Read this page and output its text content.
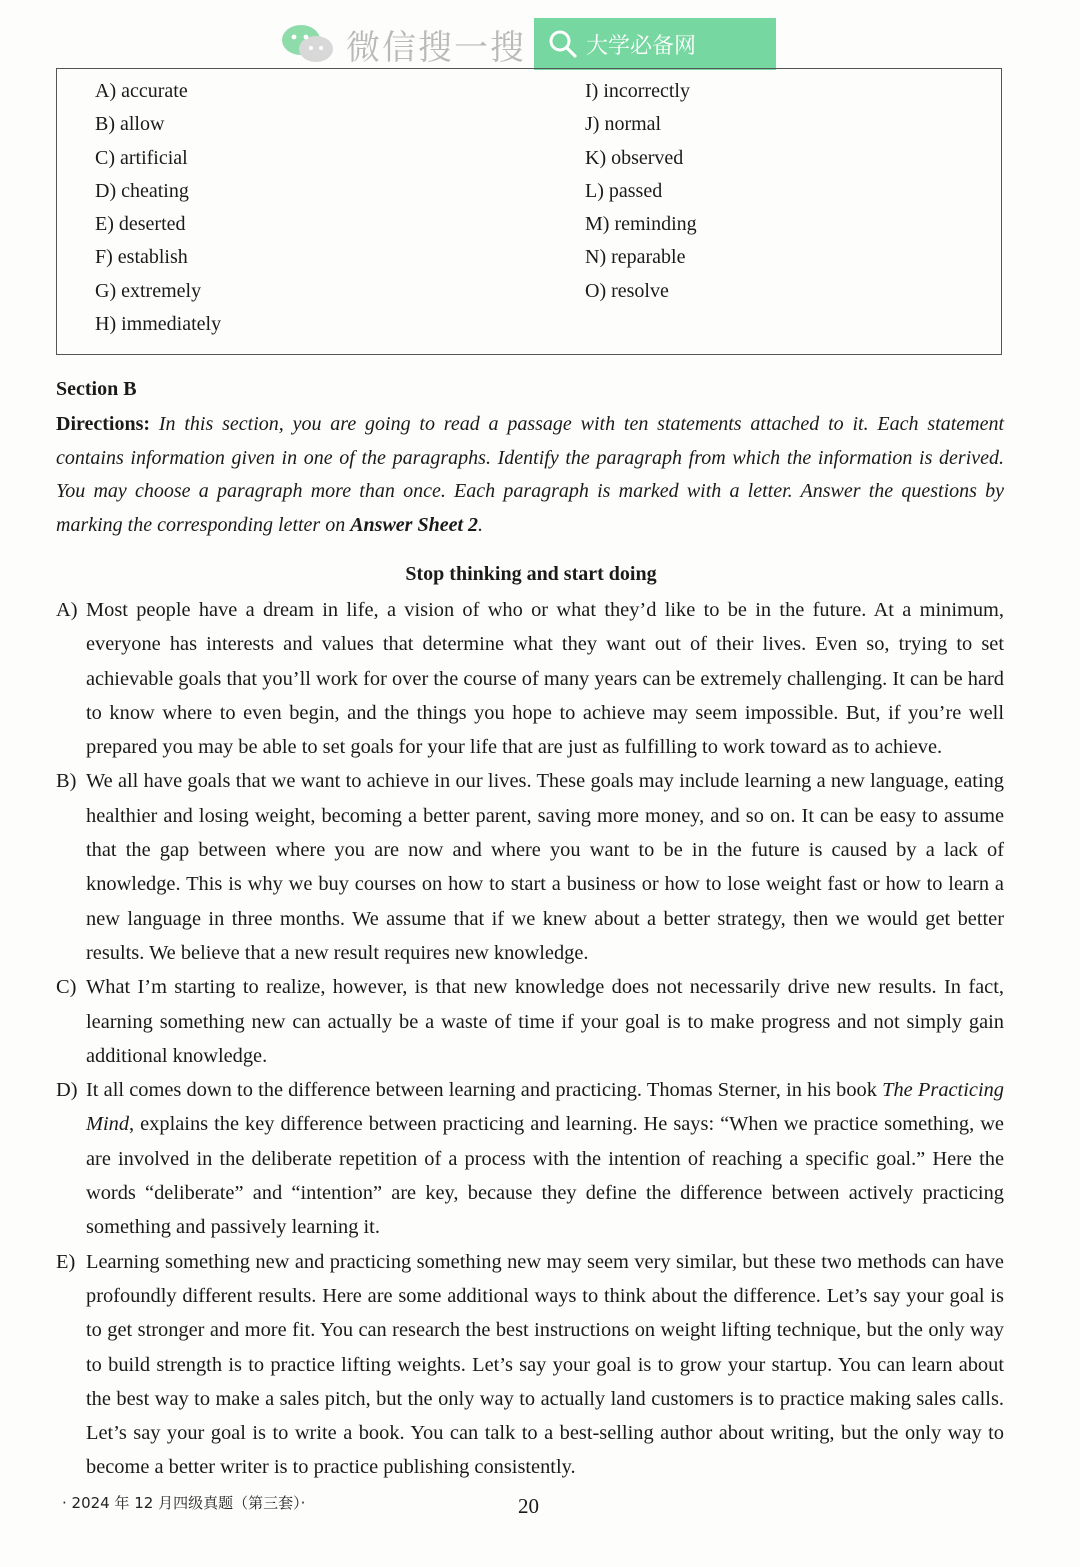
微信搜一搜	大学必备网
A) accurate
B) allow
C) artificial
D) cheating
E) deserted
F) establish
G) extremely
H) immediately
I) incorrectly
J) normal
K) observed
L) passed
M) reminding
N) reparable
O) resolve
Section B
Directions: In this section, you are going to read a passage with ten statements attached to it. Each statement contains information given in one of the paragraphs. Identify the paragraph from which the information is derived. You may choose a paragraph more than once. Each paragraph is marked with a letter. Answer the questions by marking the corresponding letter on Answer Sheet 2.
Stop thinking and start doing

A) Most people have a dream in life, a vision of who or what they’d like to be in the future. At a minimum, everyone has interests and values that determine what they want out of their lives. Even so, trying to set achievable goals that you’ll work for over the course of many years can be extremely challenging. It can be hard to know where to even begin, and the things you hope to achieve may seem impossible. But, if you’re well prepared you may be able to set goals for your life that are just as fulfilling to work toward as to achieve.

B) We all have goals that we want to achieve in our lives. These goals may include learning a new language, eating healthier and losing weight, becoming a better parent, saving more money, and so on. It can be easy to assume that the gap between where you are now and where you want to be in the future is caused by a lack of knowledge. This is why we buy courses on how to start a business or how to lose weight fast or how to learn a new language in three months. We assume that if we knew about a better strategy, then we would get better results. We believe that a new result requires new knowledge.

C) What I’m starting to realize, however, is that new knowledge does not necessarily drive new results. In fact, learning something new can actually be a waste of time if your goal is to make progress and not simply gain additional knowledge.

D) It all comes down to the difference between learning and practicing. Thomas Sterner, in his book The Practicing Mind, explains the key difference between practicing and learning. He says: “When we practice something, we are involved in the deliberate repetition of a process with the intention of reaching a specific goal.” Here the words “deliberate” and “intention” are key, because they define the difference between actively practicing something and passively learning it.

E) Learning something new and practicing something new may seem very similar, but these two methods can have profoundly different results. Here are some additional ways to think about the difference. Let’s say your goal is to get stronger and more fit. You can research the best instructions on weight lifting technique, but the only way to build strength is to practice lifting weights. Let’s say your goal is to grow your startup. You can learn about the best way to make a sales pitch, but the only way to actually land customers is to practice making sales calls. Let’s say your goal is to write a book. You can talk to a best-selling author about writing, but the only way to become a better writer is to practice publishing consistently.

· 2024 年 12 月四级真题（第三套）·	20
